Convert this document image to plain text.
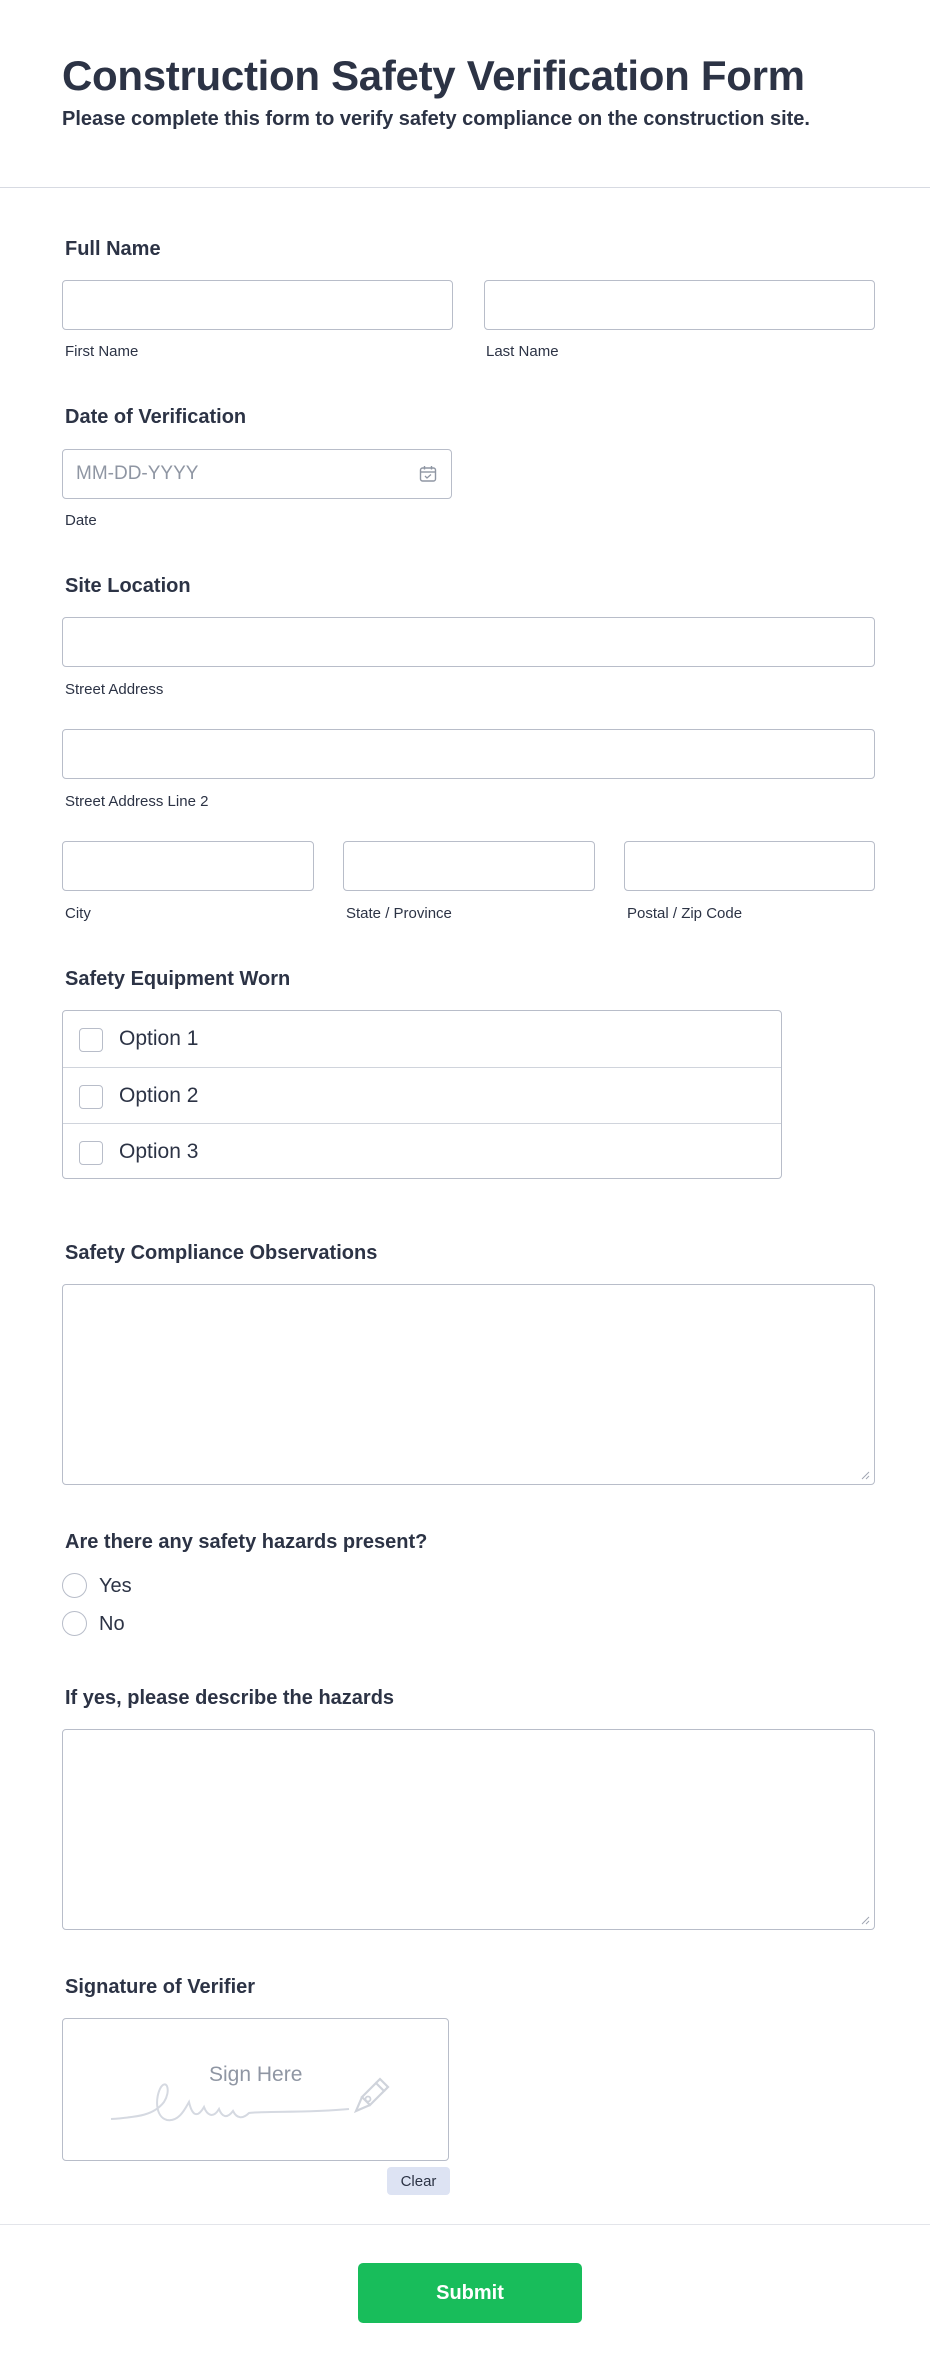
Construction Safety Verification Form

Please complete this form to verify safety compliance on the construction site.

Full Name
First Name	Last Name
Date of Verification
MM-DD-YYYY
Date
Site Location
Street Address
Street Address Line 2
City	State / Province	Postal / Zip Code
Safety Equipment Worn
Option 1
Option 2
Option 3
Safety Compliance Observations
Are there any safety hazards present?
Yes
No
If yes, please describe the hazards
Signature of Verifier
Sign Here
Clear
Submit
